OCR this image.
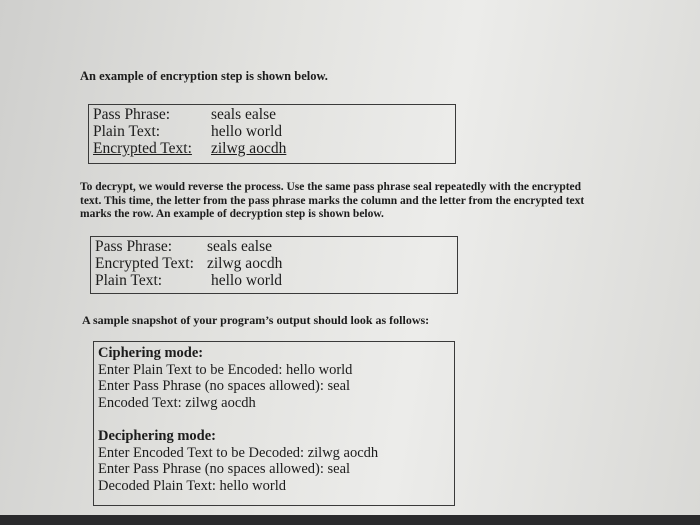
An example of encryption step is shown below.

Pass Phrase:	seals ealse
Plain Text:	hello world
Encrypted Text:	zilwg aocdh
To decrypt, we would reverse the process. Use the same pass phrase seal repeatedly with the encrypted
text. This time, the letter from the pass phrase marks the column and the letter from the encrypted text
marks the row. An example of decryption step is shown below.
Pass Phrase:	seals ealse
Encrypted Text: zilwg aocdh
Plain Text:	hello world

A sample snapshot of your program’s output should look as follows:

Ciphering mode:
Enter Plain Text to be Encoded: hello world
Enter Pass Phrase (no spaces allowed): seal
Encoded Text: zilwg aocdh
Deciphering mode:
Enter Encoded Text to be Decoded: zilwg aocdh
Enter Pass Phrase (no spaces allowed): seal
Decoded Plain Text: hello world
